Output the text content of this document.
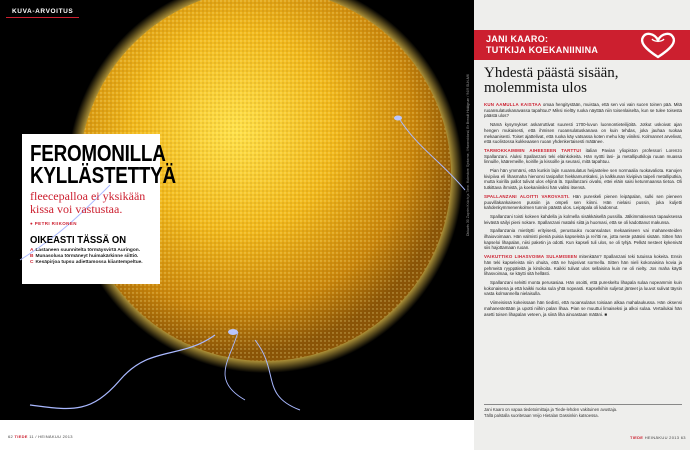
KUVA-ARVOITUS
FEROMONILLA
KYLLÄSTETTYÄ
fleecepalloa ei yksikään kissa voi vastustaa.
● PETRI RIIKONEN
OIKEASTI TÄSSÄ ON
A Lastaneen suunnitelta törmäysvirtä Auringon.
B Munasolusa törmäneyt huimakärkinne siittiö.
C Kesäpirjoa tupsu adiettamossa kiiantempeltue.
Dkkarts 30 Zaprim Krüch ja 7mm. Kolestore Sjekerne, I Hanenblond, Br Brendt Hiddgrum / 94/9 SLN-M6
62 TIEDE 11 / HEINÄKUU 2013
JANI KAARO:
TUTKIJA KOEKANIININA
Yhdestä päästä sisään, molemmista ulos

KUN AAMULLA KAISTAA omaa hengitystään, muistaa, että sen voi vain sucen toinen pää. Mitä ruoansulatuskanavassa tapahtuu? Miksi nieltty ruoka näyttää niin toisenlaiselta, kun se tulee toisesta päästä ulos?

Nämä kysymykset askarruttivat suuresti 1700-luvun luonnontieteilijöitä. Jotkut uskoivat ajan hengen mukaisesti, että ihmisen ruoansulatuskanava on kuin tehdas, joka jauhaa ruokaa mekaanisesti. Toiset ajattelivat, että ruoka käy vatsassa koten mehu käy viiniksi. Kolmannet arvelivat, että suolistossa kukkeaasen ruoan yhdenkertaisesti mätänee.

TARMOKKAIMMIN AIHEESEEN TARTTUI italian Pavian yliopiston professori Lorenzo Spallanzani. Aluksi Spallanzani teki eläinkokeita. Hän syötti lasi- ja metalliputkiloja ruuan muassa linnuille, kääremeille, koirille ja kissoille ja seurasi, mitä tapahtuu.

Pian hän ymmärsi, että kunkin lajin ruoansulatus heijastelee sen normaalia ruokavaliota. Kanojen kivipiiva eli lihasmaha hienonsi tasipallot hiekkamurskaksi, ja kalkkunan kivipiiva taipeli metalliputkia, mutta koirilla pallot tulivat ulos ehjinä lä. Spallanzani oivalsi, ettei eläin saisi ketunmaansa tietoa. Oli tutkittava ihmistä, ja koekaniiniksi hän valitsi itsensä.

SPALLANZANI ALOITTI VAROVASTI. Hän pureskeli pienen leipäpalan, sulki sen pieneen puuvillakankaiseen pussiin ja ompeli sen kiinni. Hän nielaisi pussin, joka kuljetti kahdenkymmenenkolmen tunnin päästä ulos. Leipäpala oli kadonnut.

Spallanzani toisti kokeen kahdella ja kolmella sisäkkäisellä pussilla. Jälkimmäisessä tapauksessa leivästä säilyi pieni nokare. Spallanzani matalsi siitä ja huomasi, että se oli kadottanut makunsa.

Spallanzania mietitytti erityisesti, perustuuko ruoansulatus mekaaniseen vai mahanesteiden ilhaiovoimaan. Hän valmisti pieniä puisia kapseleita ja rei'itti ne, jotta neste pääsisi sisään. Sitten hän kapseloi lihapalan, niisi paketin ja odotti. Kun kapseli tuli ulos, se oli tyhjä. Pelkät nesteet kykenivät siis hajottamaan ruoan.

VAIKUTTIKO LIHASVOIMA SULAMISEEN mitenkään? Spallanzani teki tutuissa kokeita. Ensin hän teki kapseleista niin ohuita, että ne hajosivat sormella. Sitten hän nieli kokonaisina kovia ja pehmeitä ryyppäleitä ja kirsikoita. Kaikki tulivat ulos sellaisina kuin ne oli nielty. Jos maha käytti lihasvoimaa, se käytti sitä hellästi.

Spallanzani selvitti monta perusasiaa. Hän osoitti, että pureskeltu lihapala sulaa nopeammin kuin kokonaisena ja että kaikki ruoka sula yhtä nopeasti. Kapselkihin suljetut jänteet ja luuvot sulivat täysin vasta kolmannella nielaisulla.

Viimeisissä kokeissaan hän tiedisti, että ruoansulatus toisiaan alkaa mahalaukussa. Hän oksensi mahanestettään ja upotti niihin palan lihaa. Pian se muuttui limaiseksi ja alkoi sulaa. Vertailukai hän asetti toisen lihapalan veteen, ja siinä liha ainoastaan mätäni. ■

Jani Kaaro on vapaa tiedetoimittaja ja Tiede-lehden vakituinen avustaja.
Tällä palstalla suoritetaan Veijo Hietalan Dassinkin katsoessa.
TIEDE HEINÄKUU 2013 63
